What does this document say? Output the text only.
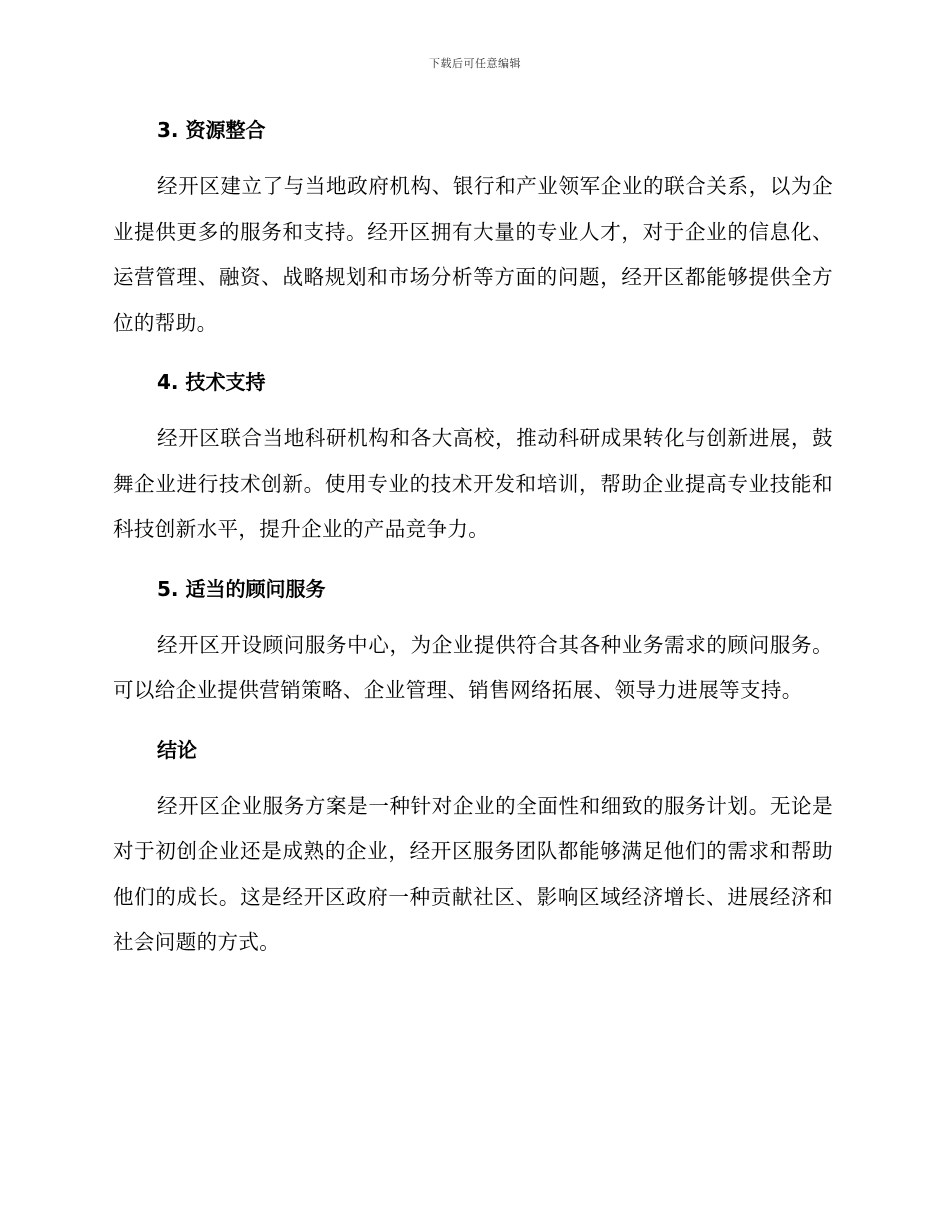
下载后可任意编辑
3. 资源整合

经开区建立了与当地政府机构、银行和产业领军企业的联合关系，以为企业提供更多的服务和支持。经开区拥有大量的专业人才，对于企业的信息化、运营管理、融资、战略规划和市场分析等方面的问题，经开区都能够提供全方位的帮助。

4. 技术支持

经开区联合当地科研机构和各大高校，推动科研成果转化与创新进展，鼓舞企业进行技术创新。使用专业的技术开发和培训，帮助企业提高专业技能和科技创新水平，提升企业的产品竞争力。

5. 适当的顾问服务

经开区开设顾问服务中心，为企业提供符合其各种业务需求的顾问服务。可以给企业提供营销策略、企业管理、销售网络拓展、领导力进展等支持。

结论

经开区企业服务方案是一种针对企业的全面性和细致的服务计划。无论是对于初创企业还是成熟的企业，经开区服务团队都能够满足他们的需求和帮助他们的成长。这是经开区政府一种贡献社区、影响区域经济增长、进展经济和社会问题的方式。
